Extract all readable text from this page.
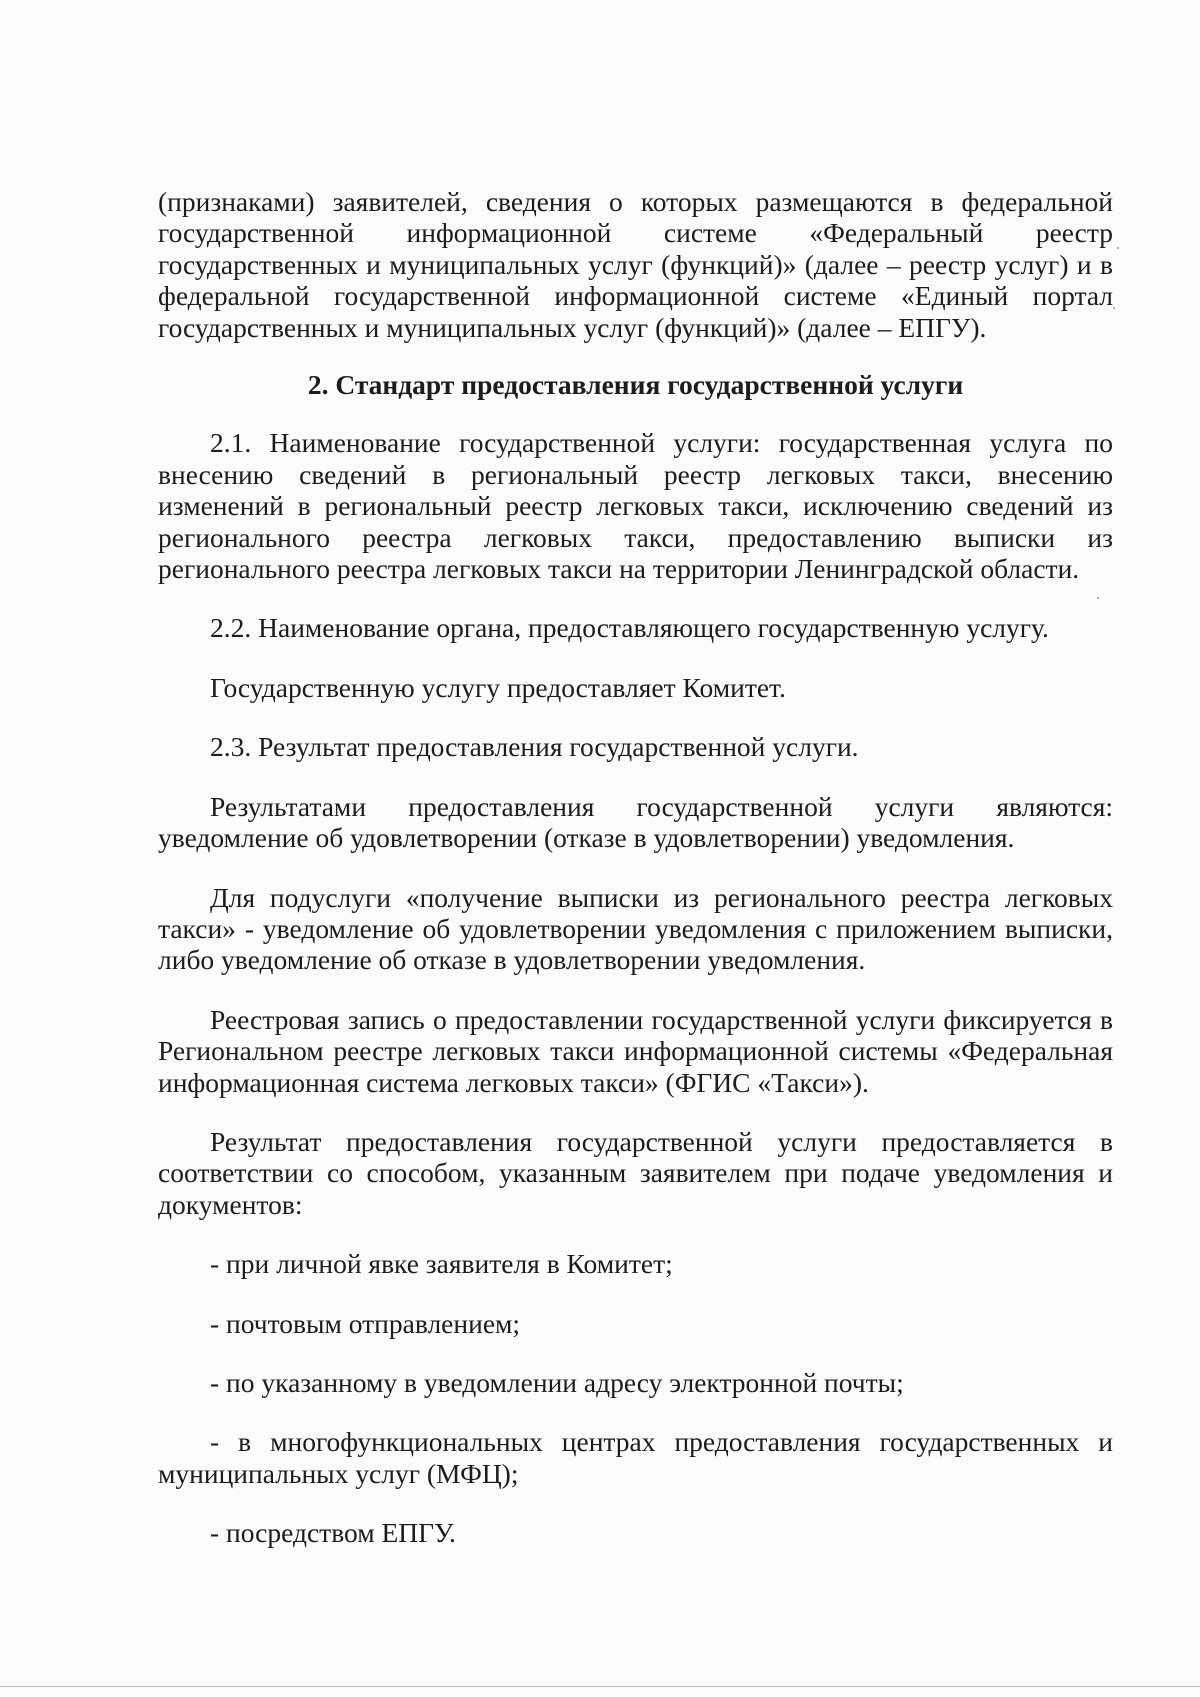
(признаками) заявителей, сведения о которых размещаются в федеральной государственной информационной системе «Федеральный реестр государственных и муниципальных услуг (функций)» (далее – реестр услуг) и в федеральной государственной информационной системе «Единый портал государственных и муниципальных услуг (функций)» (далее – ЕПГУ).

2. Стандарт предоставления государственной услуги

2.1. Наименование государственной услуги: государственная услуга по внесению сведений в региональный реестр легковых такси, внесению изменений в региональный реестр легковых такси, исключению сведений из регионального реестра легковых такси, предоставлению выписки из регионального реестра легковых такси на территории Ленинградской области.

2.2. Наименование органа, предоставляющего государственную услугу.

Государственную услугу предоставляет Комитет.

2.3. Результат предоставления государственной услуги.

Результатами предоставления государственной услуги являются: уведомление об удовлетворении (отказе в удовлетворении) уведомления.

Для подуслуги «получение выписки из регионального реестра легковых такси» - уведомление об удовлетворении уведомления с приложением выписки, либо уведомление об отказе в удовлетворении уведомления.

Реестровая запись о предоставлении государственной услуги фиксируется в Региональном реестре легковых такси информационной системы «Федеральная информационная система легковых такси» (ФГИС «Такси»).

Результат предоставления государственной услуги предоставляется в соответствии со способом, указанным заявителем при подаче уведомления и документов:

- при личной явке заявителя в Комитет;

- почтовым отправлением;

- по указанному в уведомлении адресу электронной почты;

- в многофункциональных центрах предоставления государственных и муниципальных услуг (МФЦ);

- посредством ЕПГУ.
